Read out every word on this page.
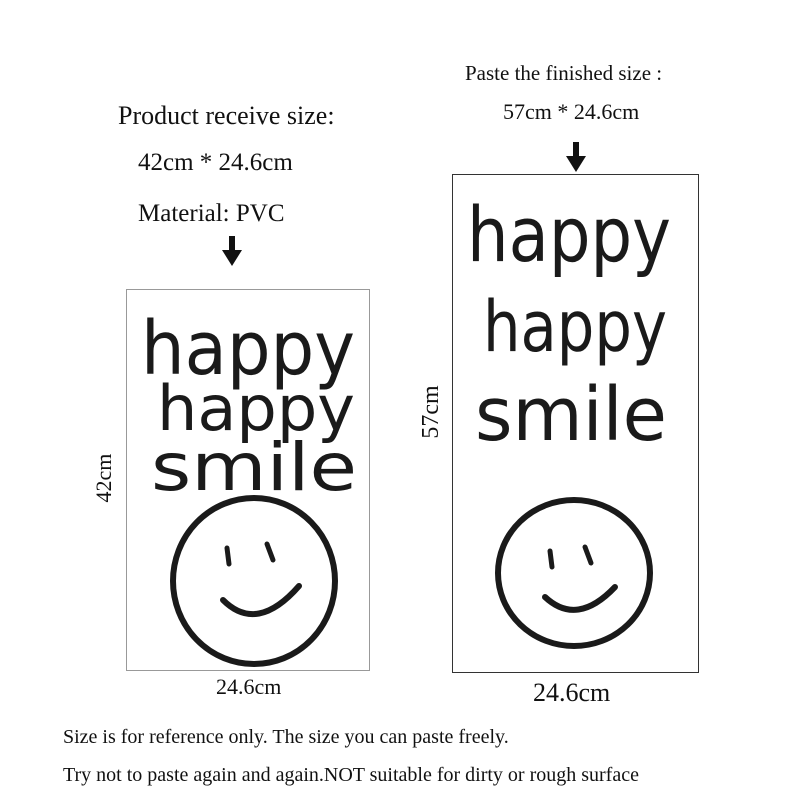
Product receive size:
42cm * 24.6cm
Material: PVC
Paste the finished size :
57cm * 24.6cm
happy
happy
smile
happy
happy
smile
42cm
24.6cm
57cm
24.6cm
Size is for reference only. The size you can paste freely.
Try not to paste again and again.NOT suitable for dirty or rough surface
